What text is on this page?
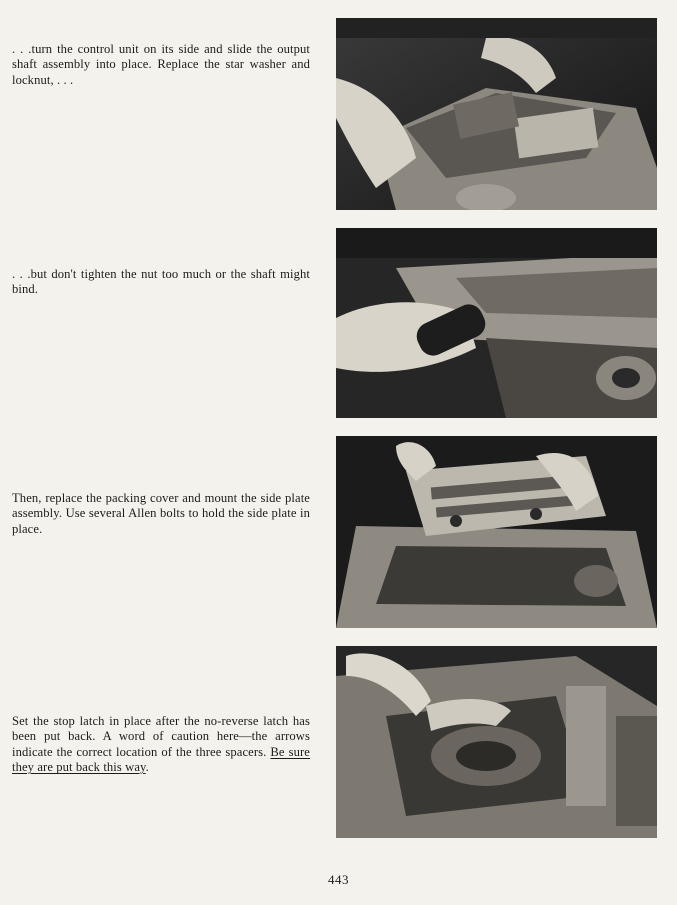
. . .turn the control unit on its side and slide the output shaft assembly into place. Replace the star washer and locknut, . . .

. . .but don't tighten the nut too much or the shaft might bind.

Then, replace the packing cover and mount the side plate assembly. Use several Allen bolts to hold the side plate in place.

Set the stop latch in place after the no-reverse latch has been put back. A word of caution here—the arrows indicate the correct location of the three spacers. Be sure they are put back this way.

443
